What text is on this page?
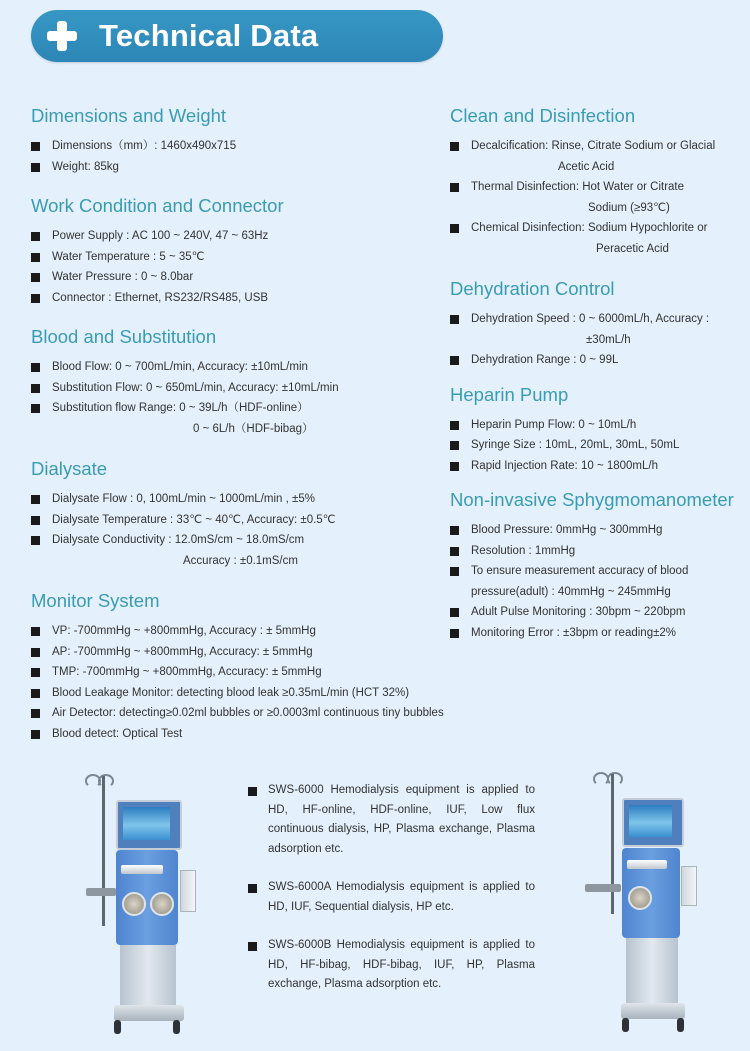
Technical Data
Dimensions and Weight
Dimensions（mm）: 1460x490x715
Weight: 85kg
Work Condition and Connector
Power Supply : AC 100 ~ 240V, 47 ~ 63Hz
Water Temperature : 5 ~ 35℃
Water Pressure : 0 ~ 8.0bar
Connector : Ethernet, RS232/RS485, USB
Blood and Substitution
Blood Flow: 0 ~ 700mL/min, Accuracy: ±10mL/min
Substitution Flow: 0 ~ 650mL/min, Accuracy: ±10mL/min
Substitution flow Range: 0 ~ 39L/h（HDF-online）
0 ~ 6L/h（HDF-bibag）
Dialysate
Dialysate Flow : 0, 100mL/min ~ 1000mL/min , ±5%
Dialysate Temperature : 33℃ ~ 40℃, Accuracy: ±0.5℃
Dialysate Conductivity : 12.0mS/cm ~ 18.0mS/cm
Accuracy : ±0.1mS/cm
Monitor System
VP: -700mmHg ~ +800mmHg, Accuracy : ± 5mmHg
AP: -700mmHg ~ +800mmHg, Accuracy: ± 5mmHg
TMP: -700mmHg ~ +800mmHg, Accuracy: ± 5mmHg
Blood Leakage Monitor: detecting blood leak ≥0.35mL/min (HCT 32%)
Air Detector: detecting≥0.02ml bubbles or ≥0.0003ml continuous tiny bubbles
Blood detect: Optical Test
Clean and Disinfection
Decalcification: Rinse, Citrate Sodium or Glacial
Acetic Acid
Thermal Disinfection: Hot Water or Citrate
Sodium (≥93℃)
Chemical Disinfection: Sodium Hypochlorite or
Peracetic Acid
Dehydration Control
Dehydration Speed : 0 ~ 6000mL/h, Accuracy :
±30mL/h
Dehydration Range : 0 ~ 99L
Heparin Pump
Heparin Pump Flow: 0 ~ 10mL/h
Syringe Size : 10mL, 20mL, 30mL, 50mL
Rapid Injection Rate: 10 ~ 1800mL/h
Non-invasive Sphygmomanometer
Blood Pressure: 0mmHg ~ 300mmHg
Resolution : 1mmHg
To ensure measurement accuracy of blood
pressure(adult) : 40mmHg ~ 245mmHg
Adult Pulse Monitoring : 30bpm ~ 220bpm
Monitoring Error : ±3bpm or reading±2%
SWS-6000 Hemodialysis equipment is applied to HD, HF-online, HDF-online, IUF, Low flux continuous dialysis, HP, Plasma exchange, Plasma adsorption etc.
SWS-6000A Hemodialysis equipment is applied to HD, IUF, Sequential dialysis, HP etc.
SWS-6000B Hemodialysis equipment is applied to HD, HF-bibag, HDF-bibag, IUF, HP, Plasma exchange, Plasma adsorption etc.
